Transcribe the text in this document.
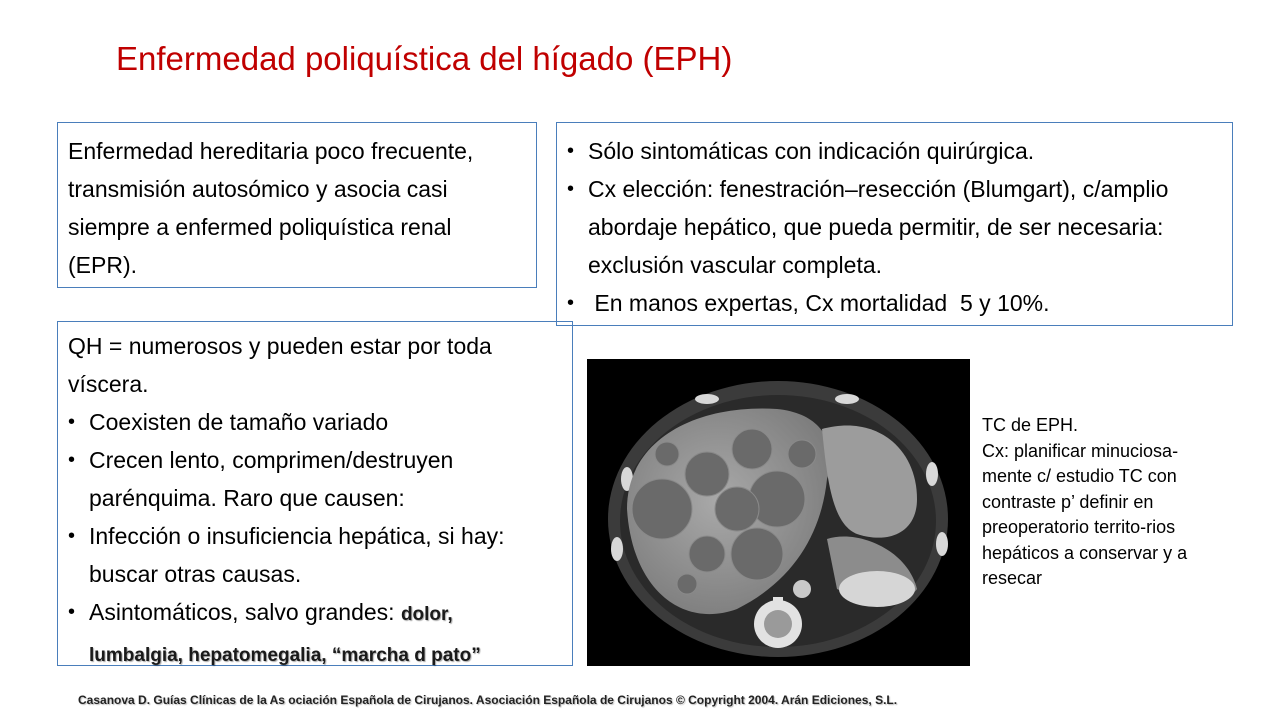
Enfermedad poliquística del hígado (EPH)
Enfermedad hereditaria poco frecuente, transmisión autosómico y asocia casi siempre a enfermed poliquística renal (EPR).
• Sólo sintomáticas con indicación quirúrgica.
• Cx elección: fenestración–resección (Blumgart), c/amplio abordaje hepático, que pueda permitir, de ser necesaria: exclusión vascular completa.
• En manos expertas, Cx mortalidad  5 y 10%.
QH = numerosos y pueden estar por toda víscera.
• Coexisten de tamaño variado
• Crecen lento, comprimen/destruyen parénquima. Raro que causen:
• Infección o insuficiencia hepática, si hay: buscar otras causas.
• Asintomáticos, salvo grandes: dolor,
lumbalgia, hepatomegalia, “marcha d pato”
TC de EPH.
Cx: planificar minuciosa-mente c/ estudio TC con contraste p’ definir en preoperatorio territo-rios hepáticos a conservar y a resecar
Casanova D. Guías Clínicas de la As ociación Española de Cirujanos. Asociación Española de Cirujanos © Copyright 2004. Arán Ediciones, S.L.
